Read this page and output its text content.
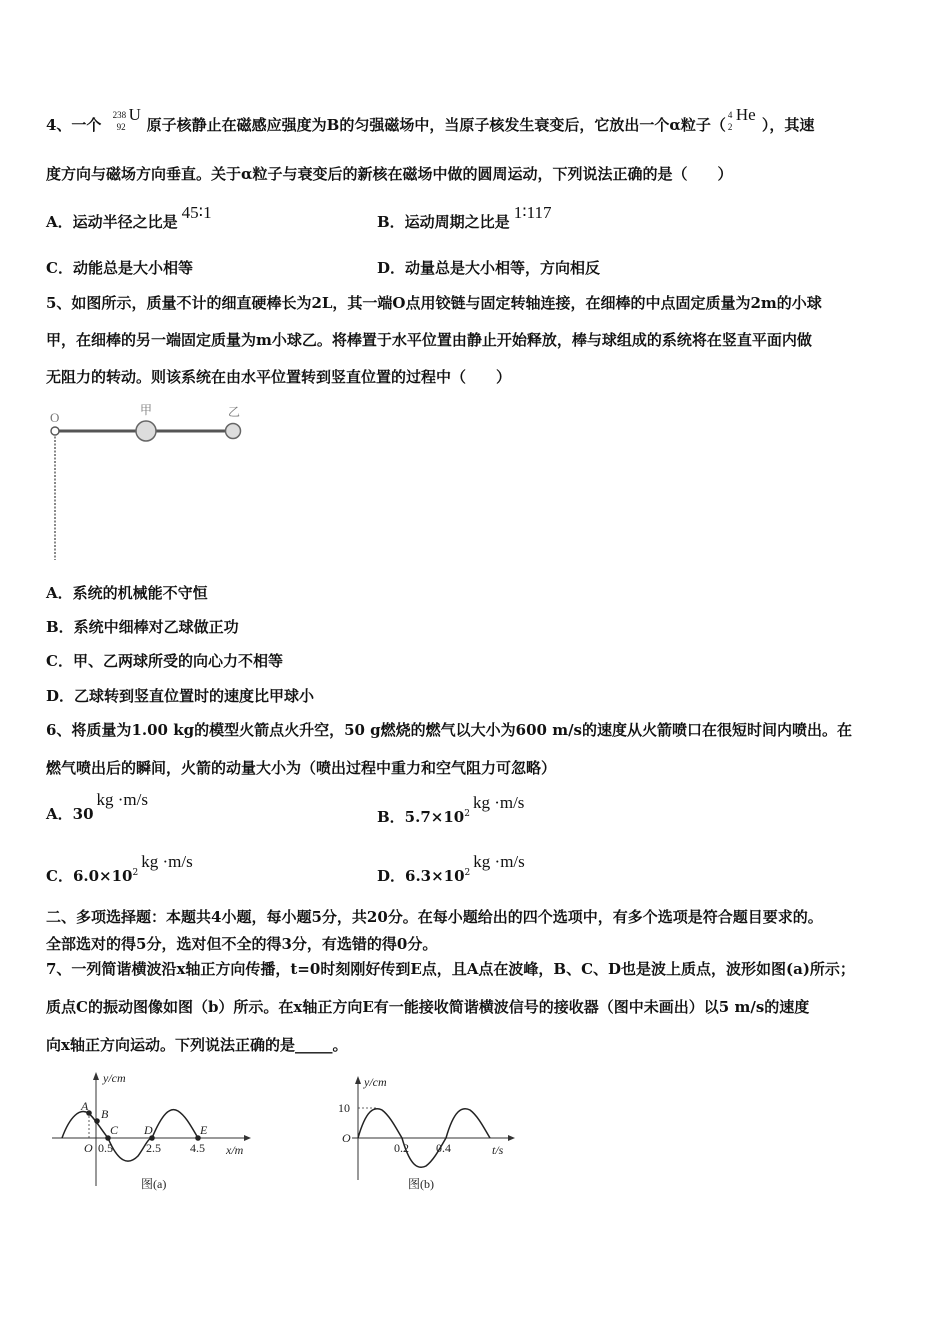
4、一个
238
92
U
原子核静止在磁感应强度为B的匀强磁场中，当原子核发生衰变后，它放出一个α粒子（
4
2
He
），其速
度方向与磁场方向垂直。关于α粒子与衰变后的新核在磁场中做的圆周运动，下列说法正确的是（　　）
A．运动半径之比是 45∶1	B．运动周期之比是 1∶117
C．动能总是大小相等	D．动量总是大小相等，方向相反
5、如图所示，质量不计的细直硬棒长为2L，其一端O点用铰链与固定转轴连接，在细棒的中点固定质量为2m的小球
甲，在细棒的另一端固定质量为m小球乙。将棒置于水平位置由静止开始释放，棒与球组成的系统将在竖直平面内做
无阻力的转动。则该系统在由水平位置转到竖直位置的过程中（　　）
O	甲	乙
A．系统的机械能不守恒
B．系统中细棒对乙球做正功
C．甲、乙两球所受的向心力不相等
D．乙球转到竖直位置时的速度比甲球小
6、将质量为1.00 kg的模型火箭点火升空，50 g燃烧的燃气以大小为600 m/s的速度从火箭喷口在很短时间内喷出。在
燃气喷出后的瞬间，火箭的动量大小为（喷出过程中重力和空气阻力可忽略）
A．30kg ·m/s
B．$5.7\times 10^2kg \cdot m/s$
C．$6.0\times 10^2kg \cdot m/s$
D．$6.3\times 10^2kg \cdot m/s$
二、多项选择题：本题共4小题，每小题5分，共20分。在每小题给出的四个选项中，有多个选项是符合题目要求的。
全部选对的得5分，选对但不全的得3分，有选错的得0分。
7、一列简谐横波沿x轴正方向传播，t=0时刻刚好传到E点，且A点在波峰，B、C、D也是波上质点，波形如图(a)所示；
质点C的振动图像如图（b）所示。在x轴正方向E有一能接收简谐横波信号的接收器（图中未画出）以5 m/s的速度
向x轴正方向运动。下列说法正确的是_____。
y/cm
x/m
O 0.5	2.5 4.5
A
B
C D	E
图(a)
y/cm
t/s
O
10
0.2 0.4
图(b)
